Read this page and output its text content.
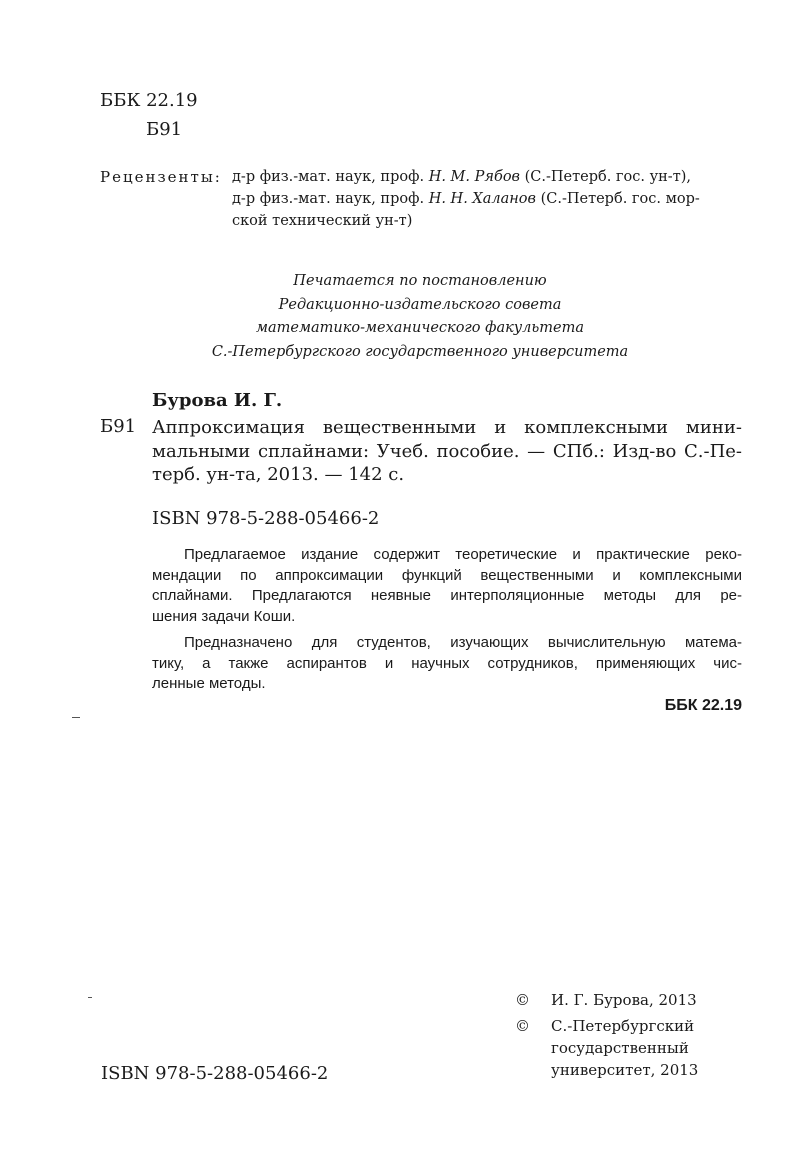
ББК 22.19
Б91
Рецензенты: д-р физ.-мат. наук, проф. Н. М. Рябов (С.-Петерб. гос. ун-т),
д-р физ.-мат. наук, проф. Н. Н. Халанов (С.-Петерб. гос. мор-
ской технический ун-т)
Печатается по постановлению
Редакционно-издательского совета
математико-механического факультета
С.-Петербургского государственного университета
Бурова И. Г.
Б91 Аппроксимация вещественными и комплексными мини-
мальными сплайнами: Учеб. пособие. — СПб.: Изд-во С.-Пе-
терб. ун-та, 2013. — 142 с.
ISBN 978-5-288-05466-2

Предлагаемое издание содержит теоретические и практические реко-
мендации по аппроксимации функций вещественными и комплексными
сплайнами. Предлагаются неявные интерполяционные методы для ре-
шения задачи Коши.

Предназначено для студентов, изучающих вычислительную матема-
тику, а также аспирантов и научных сотрудников, применяющих чис-
ленные методы.

ББК 22.19
©	И. Г. Бурова, 2013
©	С.-Петербургский
государственный
университет, 2013
ISBN 978-5-288-05466-2
